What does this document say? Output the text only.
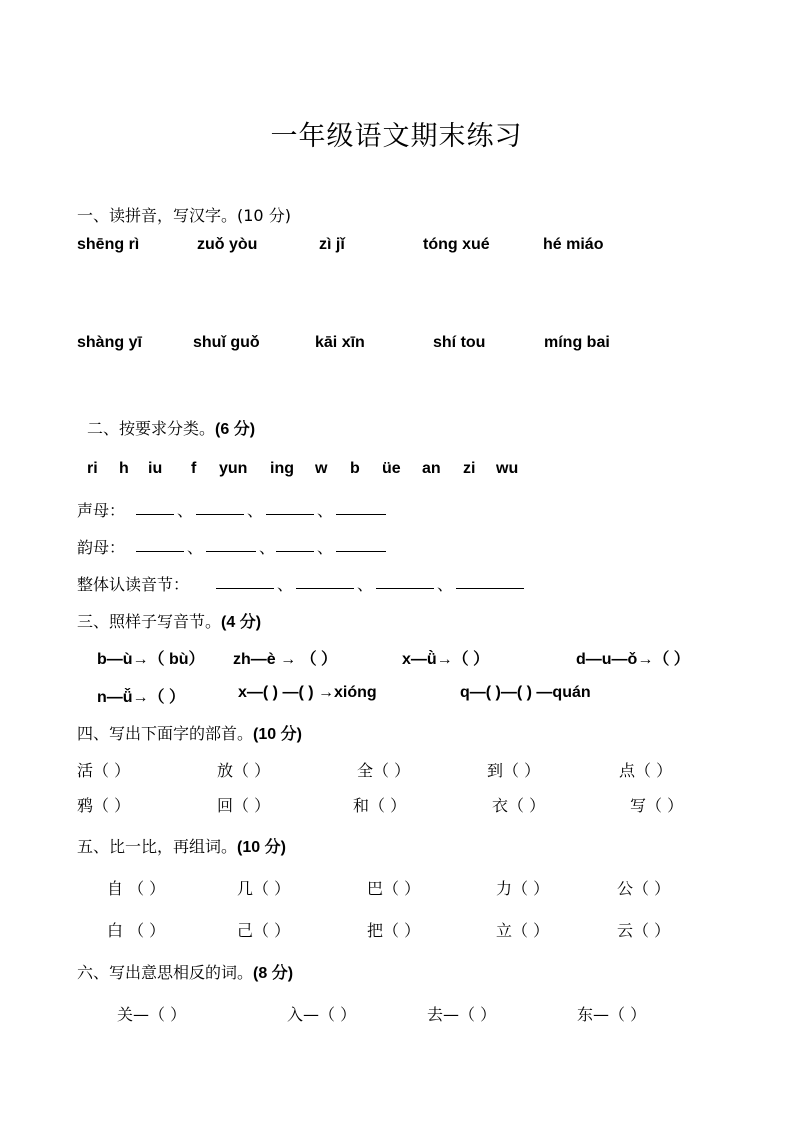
一年级语文期末练习
一、读拼音，写汉字。(10 分)
shēng rì	zuǒ yòu	zì jǐ	tóng xué	hé miáo
shàng yī	shuǐ guǒ	kāi xīn	shí tou	míng bai
二、按要求分类。(6 分)
ri h iu f yun ing w b üe an zi wu
声母：	、	、	、
韵母：	、	、	、
整体认读音节：	、	、	、
三、照样子写音节。(4 分)
b—ù→（ bù） zh—è → （ ）	x—ǜ→（ ）	d—u—ǒ→（ ）
n—ǚ→（ ）	x—( ) —( ) →xióng	q—( )—( ) —quán
四、写出下面字的部首。(10 分)
活（ ）	放（ ）	全（ ）	到（ ）	点（ ）
鸦（ ）	回（ ）	和（ ）	衣（ ）	写（ ）
五、比一比，再组词。(10 分)
自 （ ）	几（ ）	巴（ ）	力（ ）	公（ ）
白 （ ）	己（ ）	把（ ）	立（ ）	云（ ）
六、写出意思相反的词。(8 分)
关—（ ）	入—（ ）	去—（ ）	东—（ ）
